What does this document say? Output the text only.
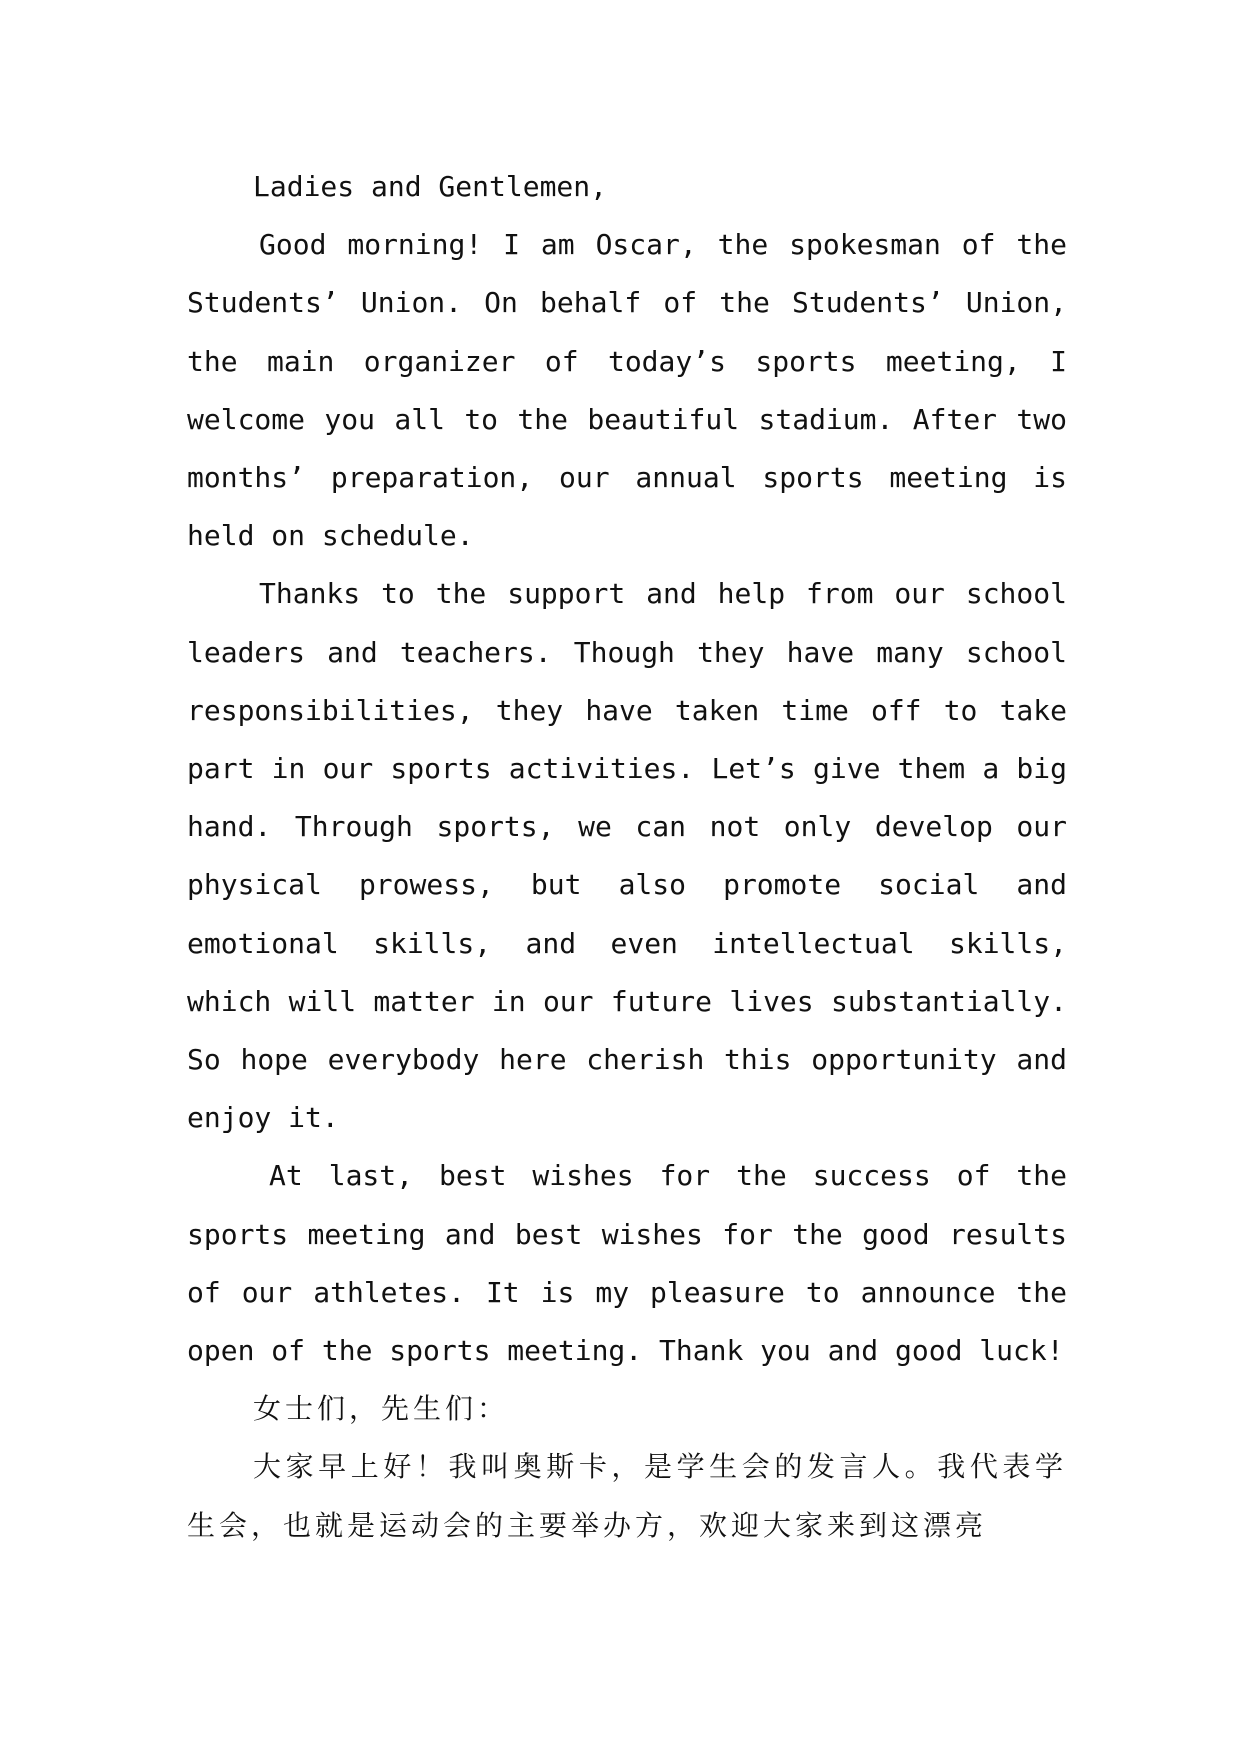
Ladies and Gentlemen,

Good morning! I am Oscar, the spokesman of the Students’ Union. On behalf of the Students’ Union, the main organizer of today’s sports meeting, I welcome you all to the beautiful stadium. After two months’ preparation, our annual sports meeting is held on schedule.

Thanks to the support and help from our school leaders and teachers. Though they have many school responsibilities, they have taken time off to take part in our sports activities. Let’s give them a big hand. Through sports, we can not only develop our physical prowess, but also promote social and emotional skills, and even intellectual skills, which will matter in our future lives substantially. So hope everybody here cherish this opportunity and enjoy it.

At last, best wishes for the success of the sports meeting and best wishes for the good results of our athletes. It is my pleasure to announce the open of the sports meeting. Thank you and good luck!

女士们，先生们：

大家早上好！我叫奥斯卡，是学生会的发言人。我代表学生会，也就是运动会的主要举办方，欢迎大家来到这漂亮
